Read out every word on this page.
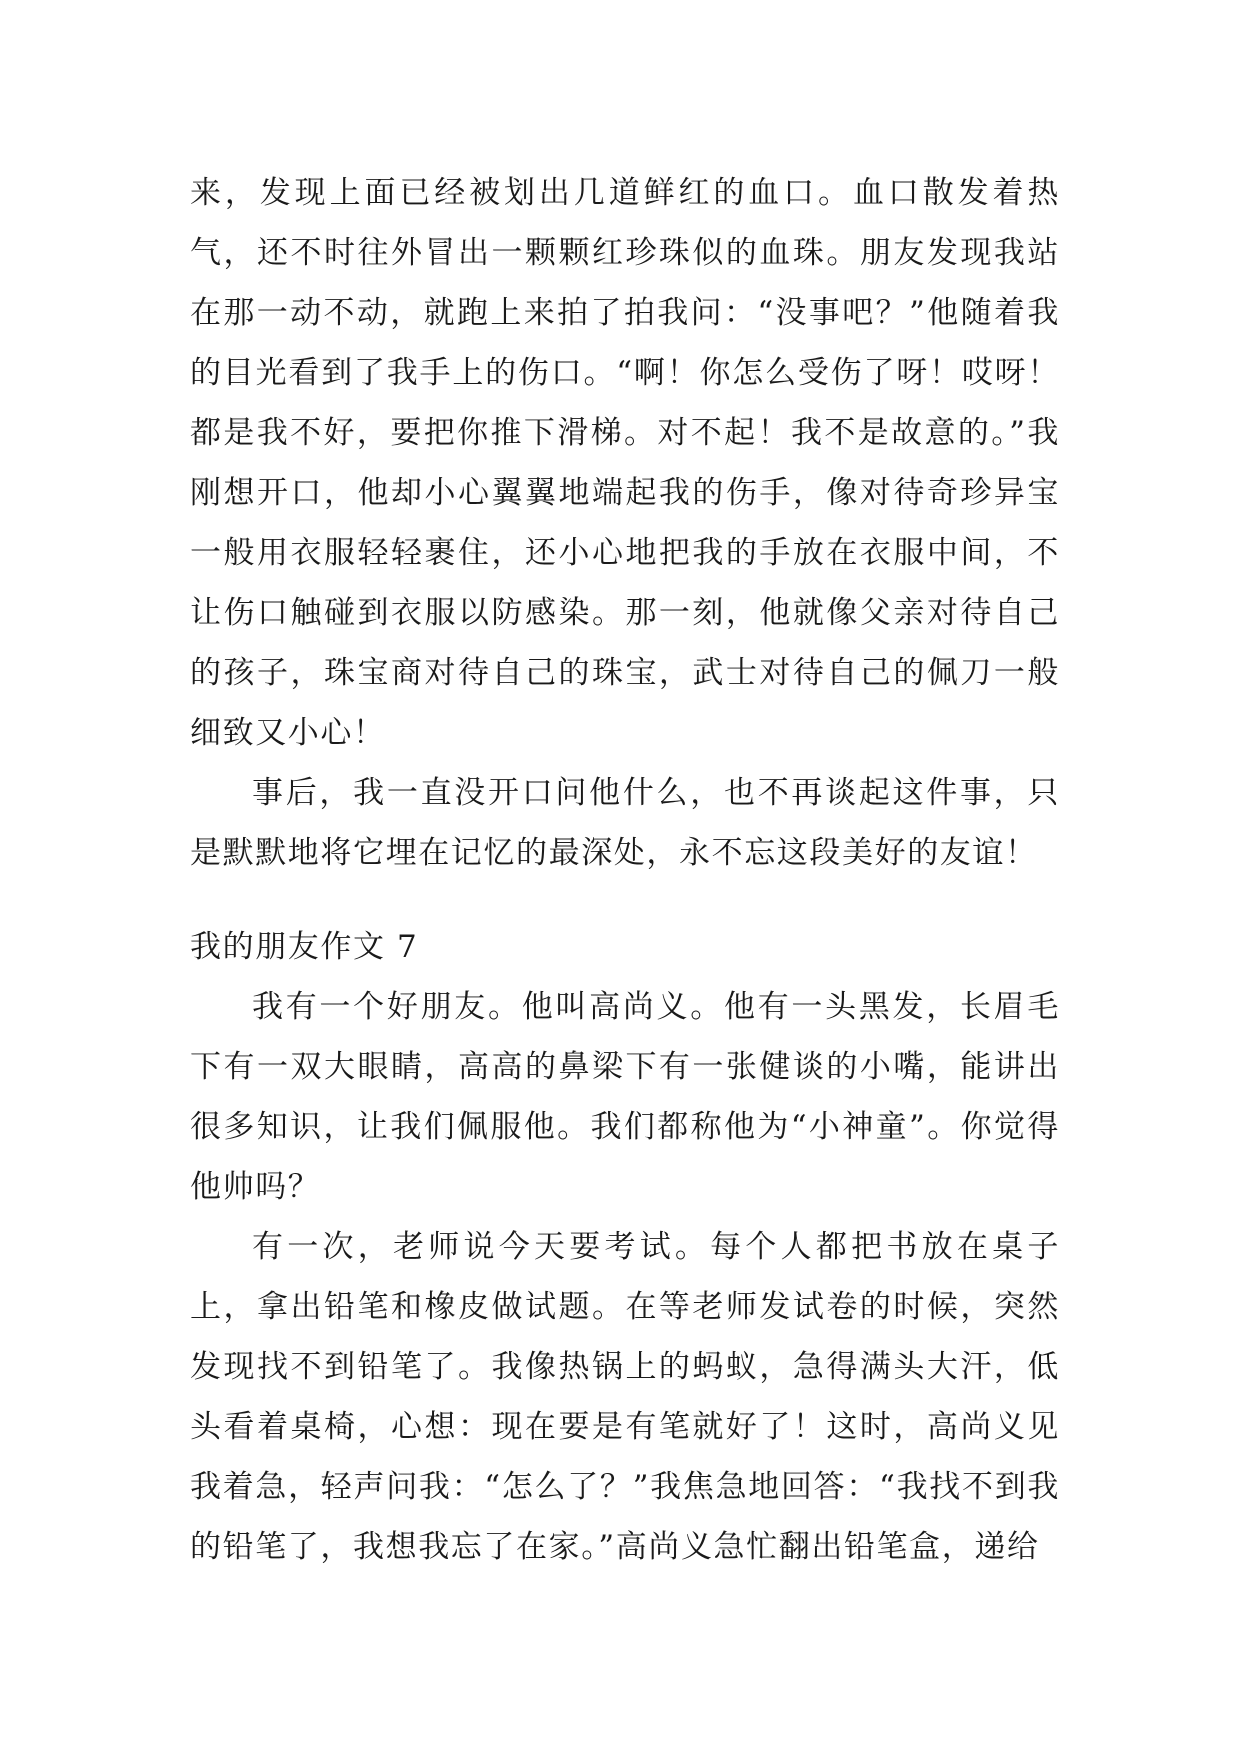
来，发现上面已经被划出几道鲜红的血口。血口散发着热气，还不时往外冒出一颗颗红珍珠似的血珠。朋友发现我站在那一动不动，就跑上来拍了拍我问：“没事吧？”他随着我的目光看到了我手上的伤口。“啊！你怎么受伤了呀！哎呀！都是我不好，要把你推下滑梯。对不起！我不是故意的。”我刚想开口，他却小心翼翼地端起我的伤手，像对待奇珍异宝一般用衣服轻轻裹住，还小心地把我的手放在衣服中间，不让伤口触碰到衣服以防感染。那一刻，他就像父亲对待自己的孩子，珠宝商对待自己的珠宝，武士对待自己的佩刀一般细致又小心！

事后，我一直没开口问他什么，也不再谈起这件事，只是默默地将它埋在记忆的最深处，永不忘这段美好的友谊！

我的朋友作文 7

我有一个好朋友。他叫高尚义。他有一头黑发，长眉毛下有一双大眼睛，高高的鼻梁下有一张健谈的小嘴，能讲出很多知识，让我们佩服他。我们都称他为“小神童”。你觉得他帅吗？

有一次，老师说今天要考试。每个人都把书放在桌子上，拿出铅笔和橡皮做试题。在等老师发试卷的时候，突然发现找不到铅笔了。我像热锅上的蚂蚁，急得满头大汗，低头看着桌椅，心想：现在要是有笔就好了！这时，高尚义见我着急，轻声问我：“怎么了？”我焦急地回答：“我找不到我的铅笔了，我想我忘了在家。”高尚义急忙翻出铅笔盒，递给
